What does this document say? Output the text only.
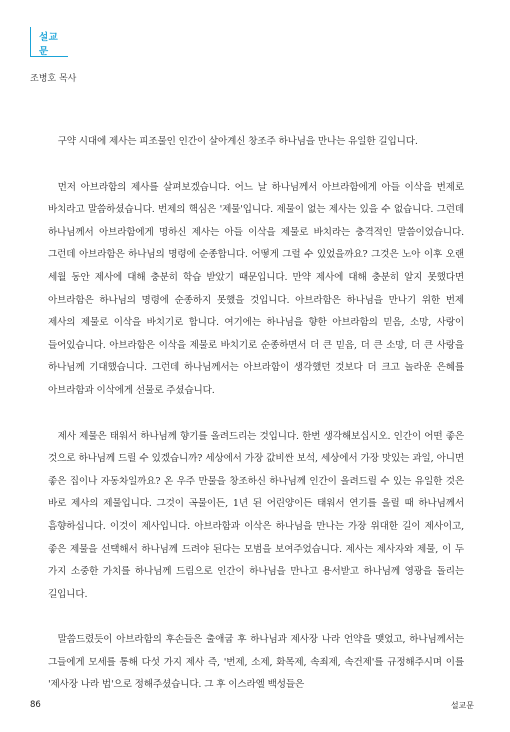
설교문
조병호 목사

구약 시대에 제사는 피조물인 인간이 살아계신 창조주 하나님을 만나는 유일한 길입니다.

먼저 아브라함의 제사를 살펴보겠습니다. 어느 날 하나님께서 아브라함에게 아들 이삭을 번제로 바치라고 말씀하셨습니다. 번제의 핵심은 '제물'입니다. 제물이 없는 제사는 있을 수 없습니다. 그런데 하나님께서 아브라함에게 명하신 제사는 아들 이삭을 제물로 바치라는 충격적인 말씀이었습니다. 그런데 아브라함은 하나님의 명령에 순종합니다. 어떻게 그럴 수 있었을까요? 그것은 노아 이후 오랜 세월 동안 제사에 대해 충분히 학습 받았기 때문입니다. 만약 제사에 대해 충분히 알지 못했다면 아브라함은 하나님의 명령에 순종하지 못했을 것입니다. 아브라함은 하나님을 만나기 위한 번제 제사의 제물로 이삭을 바치기로 합니다. 여기에는 하나님을 향한 아브라함의 믿음, 소망, 사랑이 들어있습니다. 아브라함은 이삭을 제물로 바치기로 순종하면서 더 큰 믿음, 더 큰 소망, 더 큰 사랑을 하나님께 기대했습니다. 그런데 하나님께서는 아브라함이 생각했던 것보다 더 크고 놀라운 은혜를 아브라함과 이삭에게 선물로 주셨습니다.

제사 제물은 태워서 하나님께 향기를 올려드리는 것입니다. 한번 생각해보십시오. 인간이 어떤 좋은 것으로 하나님께 드릴 수 있겠습니까? 세상에서 가장 값비싼 보석, 세상에서 가장 맛있는 과일, 아니면 좋은 집이나 자동차일까요? 온 우주 만물을 창조하신 하나님께 인간이 올려드릴 수 있는 유일한 것은 바로 제사의 제물입니다. 그것이 곡물이든, 1년 된 어린양이든 태워서 연기를 올릴 때 하나님께서 흠향하십니다. 이것이 제사입니다. 아브라함과 이삭은 하나님을 만나는 가장 위대한 길이 제사이고, 좋은 제물을 선택해서 하나님께 드려야 된다는 모범을 보여주었습니다. 제사는 제사자와 제물, 이 두 가지 소중한 가치를 하나님께 드림으로 인간이 하나님을 만나고 용서받고 하나님께 영광을 돌리는 길입니다.

말씀드렸듯이 아브라함의 후손들은 출애굽 후 하나님과 제사장 나라 언약을 맺었고, 하나님께서는 그들에게 모세를 통해 다섯 가지 제사 즉, '번제, 소제, 화목제, 속죄제, 속건제'를 규정해주시며 이를 '제사장 나라 법'으로 정해주셨습니다. 그 후 이스라엘 백성들은

86	설교문
